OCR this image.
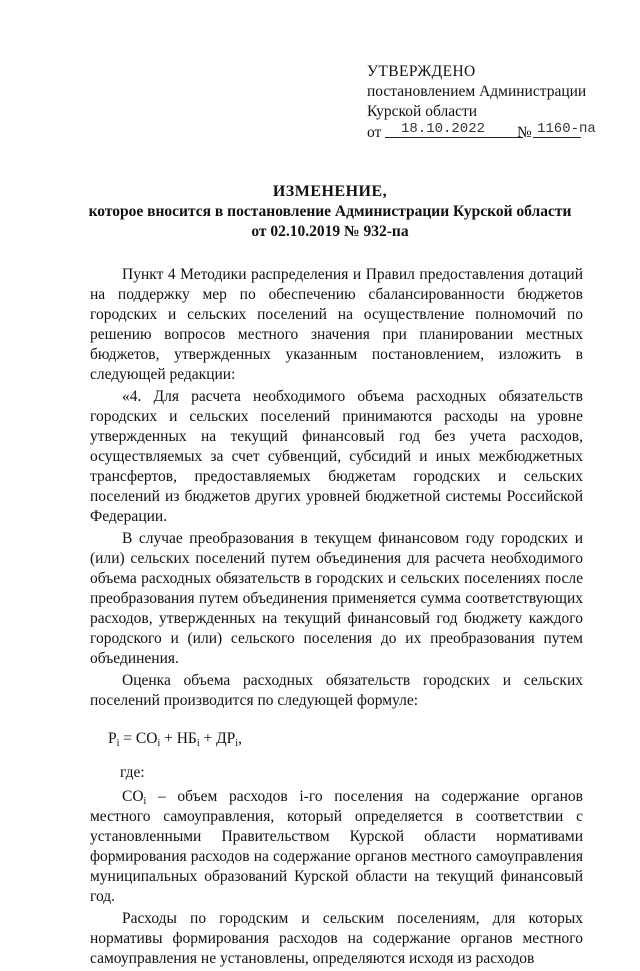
УТВЕРЖДЕНО
постановлением Администрации
Курской области
от	18.10.2022	№ 1160-па
ИЗМЕНЕНИЕ,
которое вносится в постановление Администрации Курской области
от 02.10.2019 № 932-па

Пункт 4 Методики распределения и Правил предоставления дотаций на поддержку мер по обеспечению сбалансированности бюджетов городских и сельских поселений на осуществление полномочий по решению вопросов местного значения при планировании местных бюджетов, утвержденных указанным постановлением, изложить в следующей редакции:

«4. Для расчета необходимого объема расходных обязательств городских и сельских поселений принимаются расходы на уровне утвержденных на текущий финансовый год без учета расходов, осуществляемых за счет субвенций, субсидий и иных межбюджетных трансфертов, предоставляемых бюджетам городских и сельских поселений из бюджетов других уровней бюджетной системы Российской Федерации.

В случае преобразования в текущем финансовом году городских и (или) сельских поселений путем объединения для расчета необходимого объема расходных обязательств в городских и сельских поселениях после преобразования путем объединения применяется сумма соответствующих расходов, утвержденных на текущий финансовый год бюджету каждого городского и (или) сельского поселения до их преобразования путем объединения.

Оценка объема расходных обязательств городских и сельских поселений производится по следующей формуле:

$P_i = CO_i + НБ_i + ДР_i$,

где:

$CO_i$ – объем расходов i-го поселения на содержание органов местного самоуправления, который определяется в соответствии с установленными Правительством Курской области нормативами формирования расходов на содержание органов местного самоуправления муниципальных образований Курской области на текущий финансовый год.

Расходы по городским и сельским поселениям, для которых нормативы формирования расходов на содержание органов местного самоуправления не установлены, определяются исходя из расходов
